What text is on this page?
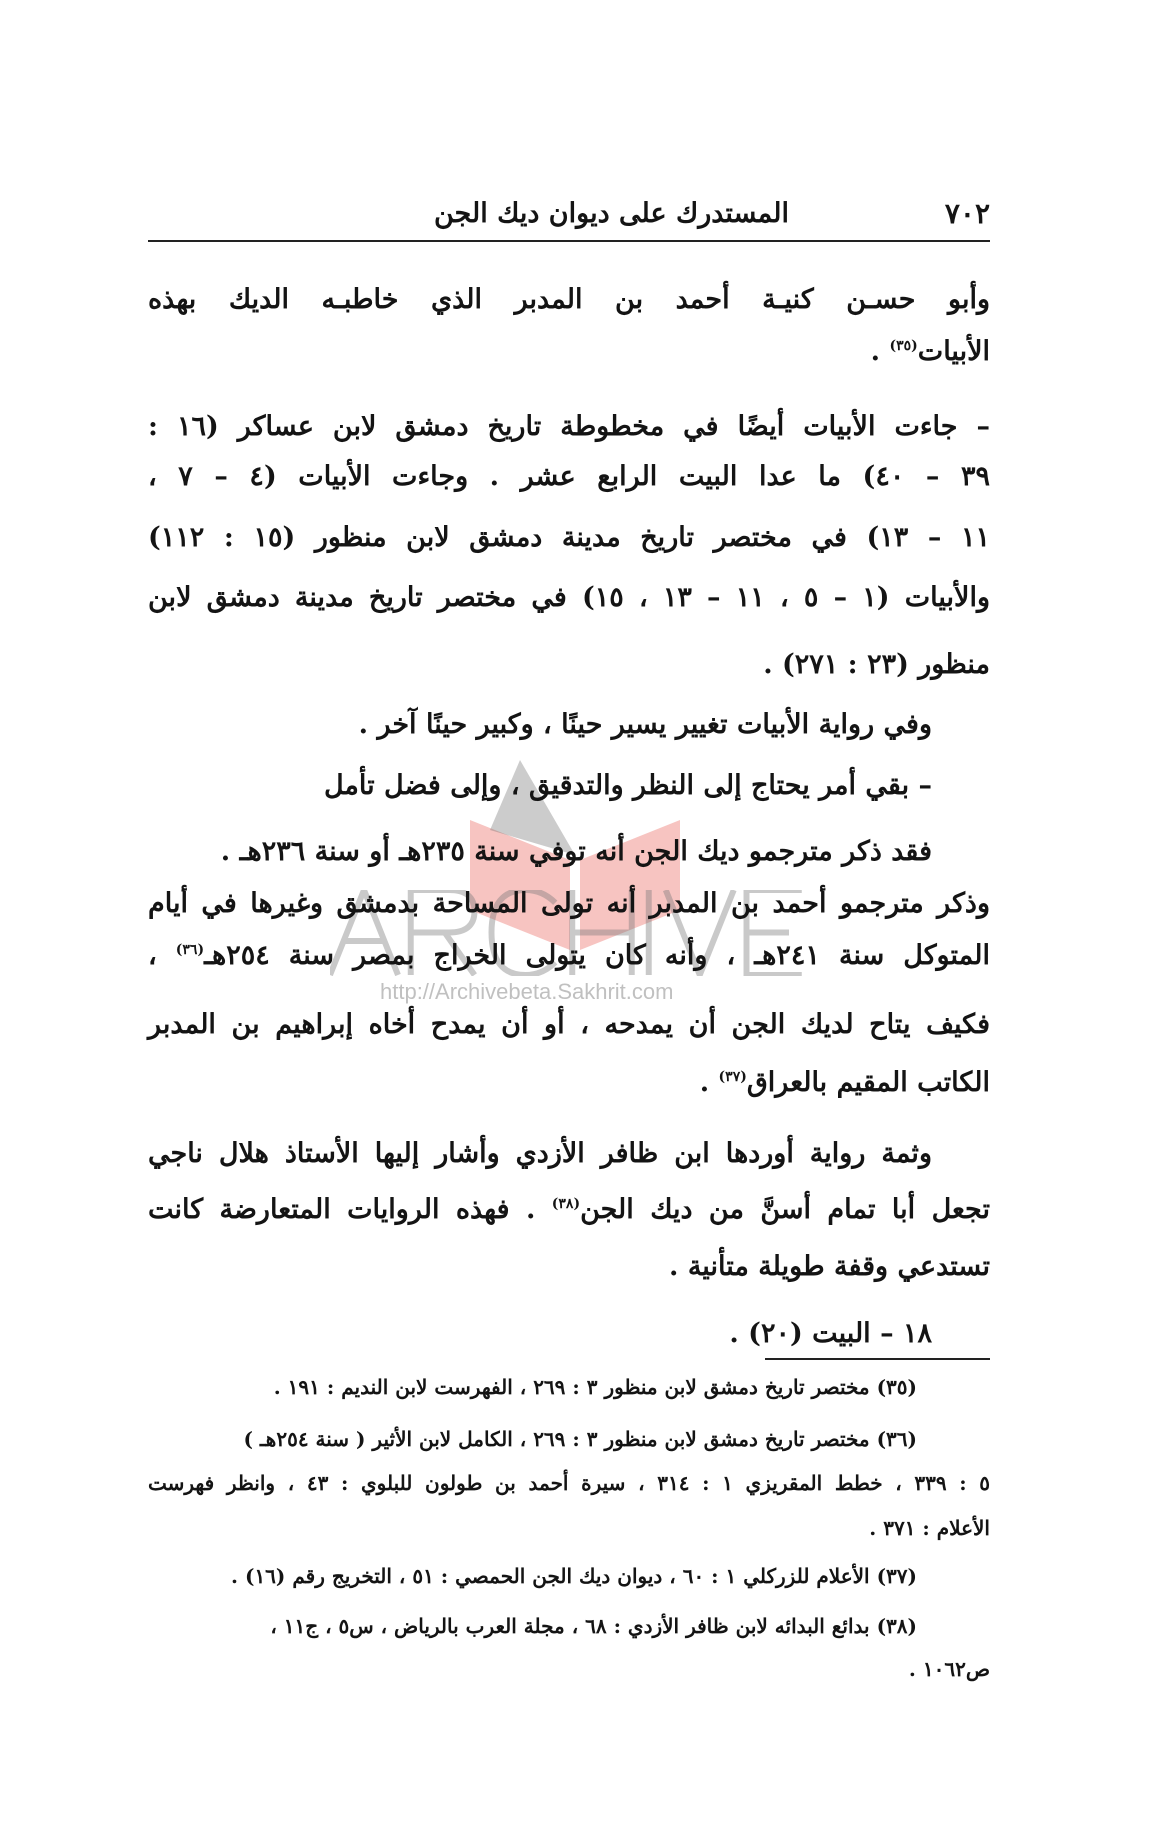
٧٠٢
المستدرك على ديوان ديك الجن
http://Archivebeta.Sakhrit.com
وأبو حسـن كنيـة أحمد بن المدبر الذي خاطبـه الديك بهذه
الأبيات$^{(٣٥)}$ .
– جاءت الأبيات أيضًا في مخطوطة تاريخ دمشق لابن عساكر (١٦ :
٣٩ – ٤٠) ما عدا البيت الرابع عشر . وجاءت الأبيات (٤ – ٧ ،
١١ – ١٣) في مختصر تاريخ مدينة دمشق لابن منظور (١٥ : ١١٢)
والأبيات (١ – ٥ ، ١١ – ١٣ ، ١٥) في مختصر تاريخ مدينة دمشق لابن
منظور (٢٣ : ٢٧١) .
وفي رواية الأبيات تغيير يسير حينًا ، وكبير حينًا آخر .
– بقي أمر يحتاج إلى النظر والتدقيق ، وإلى فضل تأمل
فقد ذكر مترجمو ديك الجن أنه توفي سنة ٢٣٥هـ أو سنة ٢٣٦هـ .
وذكر مترجمو أحمد بن المدبر أنه تولى المساحة بدمشق وغيرها في أيام
المتوكل سنة ٢٤١هـ ، وأنه كان يتولى الخراج بمصر سنة ٢٥٤هـ$^{(٣٦)}$ ،
فكيف يتاح لديك الجن أن يمدحه ، أو أن يمدح أخاه إبراهيم بن المدبر
الكاتب المقيم بالعراق$^{(٣٧)}$ .
وثمة رواية أوردها ابن ظافر الأزدي وأشار إليها الأستاذ هلال ناجي
تجعل أبا تمام أسنَّ من ديك الجن$^{(٣٨)}$ . فهذه الروايات المتعارضة كانت
تستدعي وقفة طويلة متأنية .
١٨ – البيت (٢٠) .
(٣٥) مختصر تاريخ دمشق لابن منظور ٣ : ٢٦٩ ، الفهرست لابن النديم : ١٩١ .
(٣٦) مختصر تاريخ دمشق لابن منظور ٣ : ٢٦٩ ، الكامل لابن الأثير ( سنة ٢٥٤هـ )
٥ : ٣٣٩ ، خطط المقريزي ١ : ٣١٤ ، سيرة أحمد بن طولون للبلوي : ٤٣ ، وانظر فهرست
الأعلام : ٣٧١ .
(٣٧) الأعلام للزركلي ١ : ٦٠ ، ديوان ديك الجن الحمصي : ٥١ ، التخريج رقم (١٦) .
(٣٨) بدائع البدائه لابن ظافر الأزدي : ٦٨ ، مجلة العرب بالرياض ، س٥ ، ج١١ ،
ص١٠٦٢ .
